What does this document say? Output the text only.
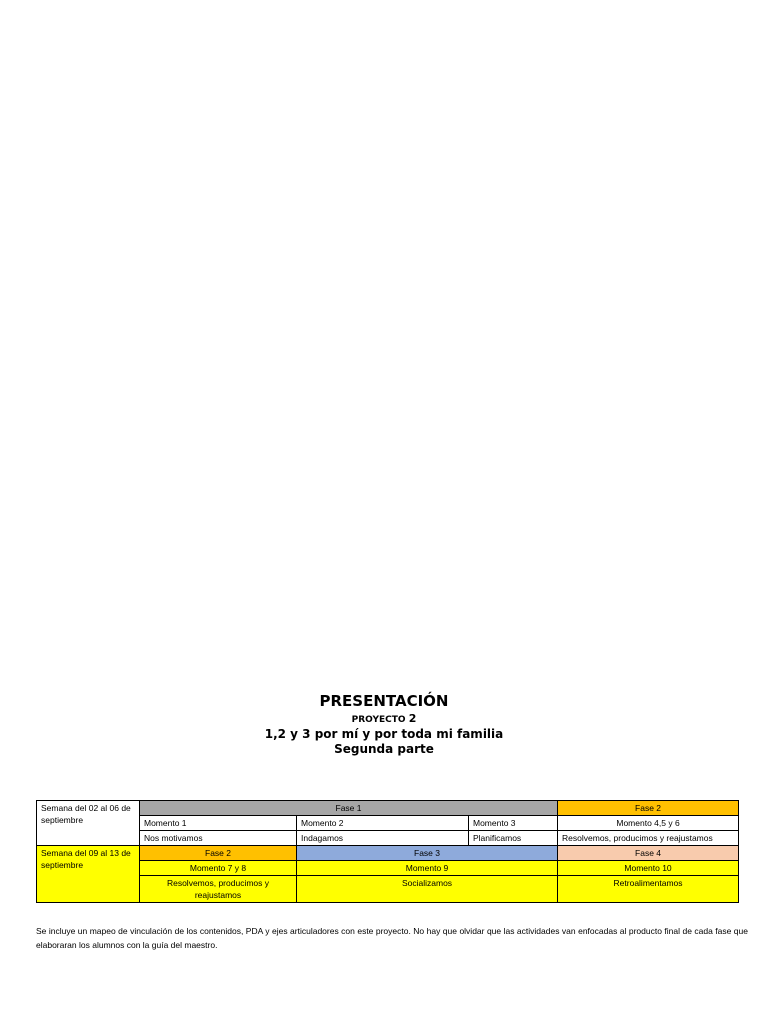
PRESENTACIÓN
PROYECTO 2
1,2 y 3 por mí y por toda mi familia
Segunda parte
Semana del 02 al 06 de septiembre	Fase 1			Fase 2
	Momento 1	Momento 2	Momento 3	Momento 4,5 y 6
	Nos motivamos	Indagamos	Planificamos	Resolvemos, producimos y reajustamos
Semana del 09 al 13 de septiembre	Fase 2	Fase 3		Fase 4
	Momento 7 y 8	Momento 9		Momento 10
	Resolvemos, producimos y reajustamos	Socializamos		Retroalimentamos
Se incluye un mapeo de vinculación de los contenidos, PDA y ejes articuladores con este proyecto. No hay que olvidar que las actividades van enfocadas al producto final de cada fase que elaboraran los alumnos con la guía del maestro.
